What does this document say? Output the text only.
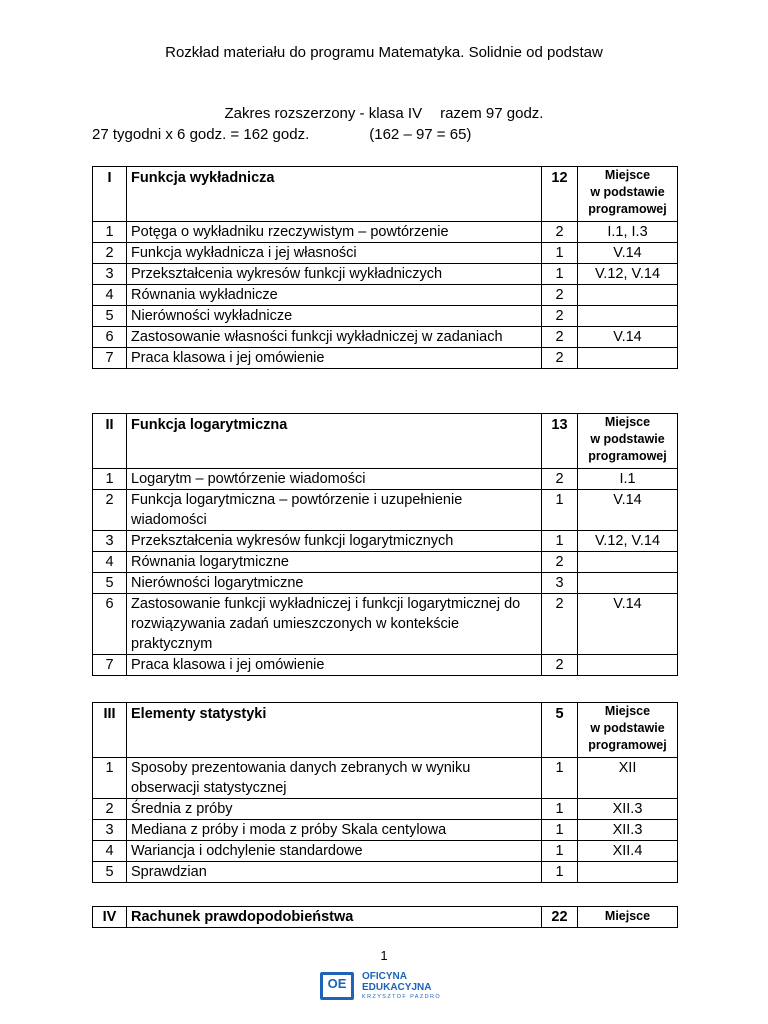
Rozkład materiału do programu Matematyka. Solidnie od podstaw
Zakres rozszerzony - klasa IV razem 97 godz.
27 tygodni x 6 godz. = 162 godz.	(162 – 97 = 65)
I	Funkcja wykładnicza	12	Miejsce
w podstawie
programowej

1	Potęga o wykładniku rzeczywistym – powtórzenie	2	I.1, I.3
2	Funkcja wykładnicza i jej własności	1	V.14
3	Przekształcenia wykresów funkcji wykładniczych	1	V.12, V.14
4	Równania wykładnicze	2	
5	Nierówności wykładnicze	2	
6	Zastosowanie własności funkcji wykładniczej w zadaniach	2	V.14
7	Praca klasowa i jej omówienie	2	
II	Funkcja logarytmiczna	13	Miejsce
w podstawie
programowej

1	Logarytm – powtórzenie wiadomości	2	I.1
2	Funkcja logarytmiczna – powtórzenie i uzupełnienie wiadomości	1	V.14
3	Przekształcenia wykresów funkcji logarytmicznych	1	V.12, V.14
4	Równania logarytmiczne	2	
5	Nierówności logarytmiczne	3	
6	Zastosowanie funkcji wykładniczej i funkcji logarytmicznej do rozwiązywania zadań umieszczonych w kontekście praktycznym	2	V.14
7	Praca klasowa i jej omówienie	2	
III	Elementy statystyki	5	Miejsce
w podstawie
programowej

1	Sposoby prezentowania danych zebranych w wyniku obserwacji statystycznej	1	XII
2	Średnia z próby	1	XII.3
3	Mediana z próby i moda z próby Skala centylowa	1	XII.3
4	Wariancja i odchylenie standardowe	1	XII.4
5	Sprawdzian	1	
IV	Rachunek prawdopodobieństwa	22	Miejsce
1
OE	OFICYNA
EDUKACYJNA
KRZYSZTOF PAZDRO
